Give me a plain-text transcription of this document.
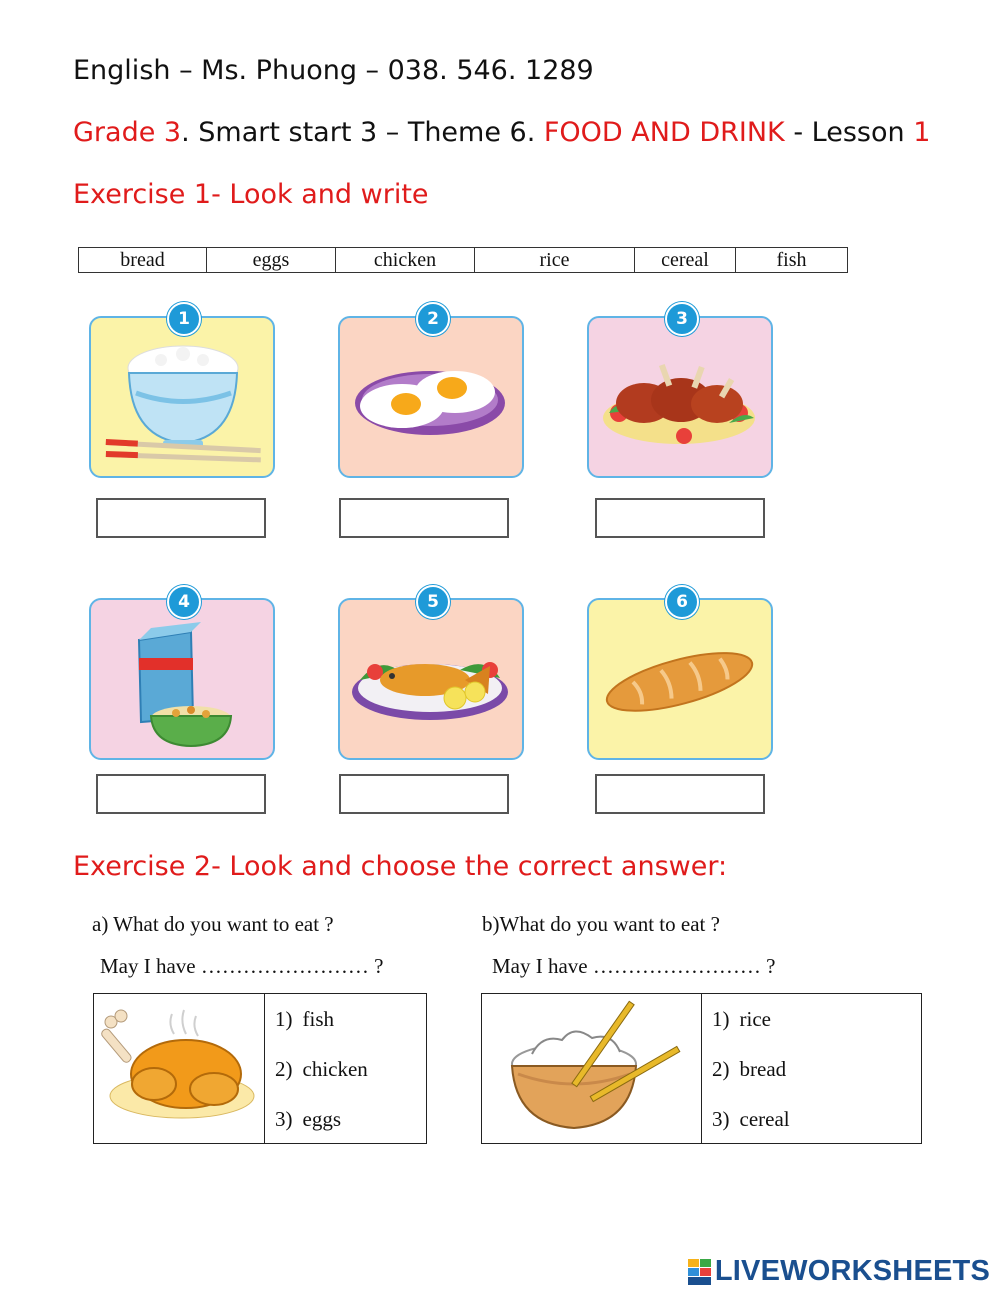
English – Ms. Phuong – 038. 546. 1289
Grade 3. Smart start 3 – Theme 6. FOOD AND DRINK - Lesson 1
Exercise 1- Look and write
bread	eggs	chicken	rice	cereal	fish
1	2	3
4	5	6
Exercise 2- Look and choose the correct answer:
a) What do you want to eat ?
May I have …………………… ?
1) fish
2) chicken
3) eggs
b)What do you want to eat ?
May I have …………………… ?
1) rice
2) bread
3) cereal
LIVEWORKSHEETS
